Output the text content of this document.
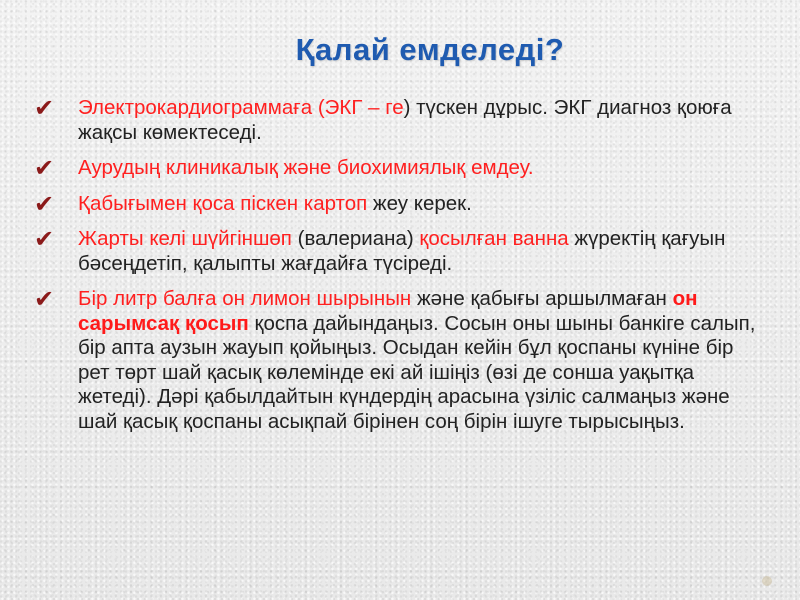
Қалай емделеді?
✔ Электрокардиограммаға (ЭКГ – ге) түскен дұрыс. ЭКГ диагноз қоюға жақсы көмектеседі.
✔ Аурудың клиникалық және биохимиялық емдеу.
✔ Қабығымен қоса піскен картоп жеу керек.
✔ Жарты келі шүйгіншөп (валериана) қосылған ванна жүректің қағуын бәсеңдетіп, қалыпты жағдайға түсіреді.
✔ Бір литр балға он лимон шырынын және қабығы аршылмаған он сарымсақ қосып қоспа дайындаңыз. Сосын оны шыны банкіге салып, бір апта аузын жауып қойыңыз. Осыдан кейін бұл қоспаны күніне бір рет төрт шай қасық көлемінде екі ай ішіңіз (өзі де сонша уақытқа жетеді). Дәрі қабылдайтын күндердің арасына үзіліс салмаңыз және шай қасық қоспаны асықпай бірінен соң бірін ішуге тырысыңыз.
